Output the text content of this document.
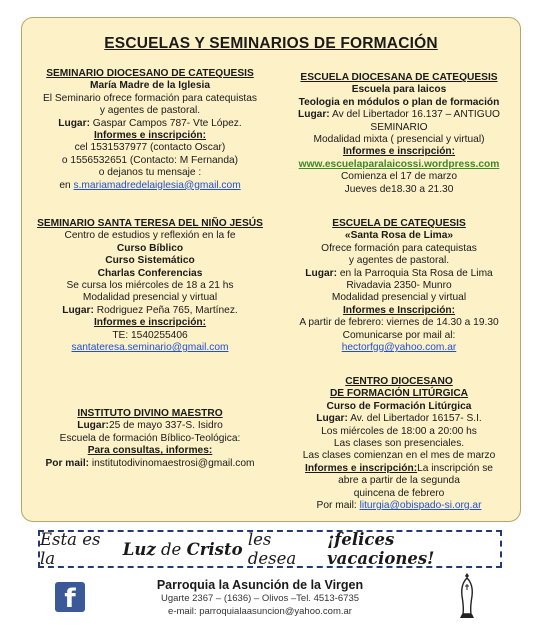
ESCUELAS Y SEMINARIOS DE FORMACIÓN
SEMINARIO DIOCESANO DE CATEQUESIS
María Madre de la Iglesia
El Seminario ofrece formación para catequistas
y agentes de pastoral.
Lugar: Gaspar Campos 787- Vte López.
Informes e inscripción:
cel 1531537977 (contacto Oscar)
o 1556532651 (Contacto: M Fernanda)
o dejanos tu mensaje :
en s.mariamadredelaiglesia@gmail.com
SEMINARIO SANTA TERESA DEL NIÑO JESÚS
Centro de estudios y reflexión en la fe
Curso Bíblico
Curso Sistemático
Charlas Conferencias
Se cursa los miércoles de 18 a 21 hs
Modalidad presencial y virtual
Lugar: Rodriguez Peña 765, Martínez.
Informes e inscripción:
TE: 1540255406
santateresa.seminario@gmail.com
INSTITUTO DIVINO MAESTRO
Lugar:25 de mayo 337-S. Isidro
Escuela de formación Bíblico-Teológica:
Para consultas, informes:
Por mail: institutodivinomaestrosi@gmail.com
ESCUELA DIOCESANA DE CATEQUESIS
Escuela para laicos
Teologia en módulos o plan de formación
Lugar: Av del Libertador 16.137 – ANTIGUO
SEMINARIO
Modalidad mixta ( presencial y virtual)
Informes e inscripción:
www.escuelaparalaicossi.wordpress.com
Comienza el 17 de marzo
Jueves de18.30 a 21.30
ESCUELA DE CATEQUESIS
«Santa Rosa de Lima»
Ofrece formación para catequistas
y agentes de pastoral.
Lugar: en la Parroquia Sta Rosa de Lima
Rivadavia 2350- Munro
Modalidad presencial y virtual
Informes e Inscripción:
A partir de febrero: viernes de 14.30 a 19.30
Comunicarse por mail al:
hectorfgg@yahoo.com.ar
CENTRO DIOCESANO
DE FORMACIÓN LITÚRGICA
Curso de Formación Litúrgica
Lugar: Av. del Libertador 16157- S.I.
Los miércoles de 18:00 a 20:00 hs
Las clases son presenciales.
Las clases comienzan en el mes de marzo
Informes e inscripción:La inscripción se
abre a partir de la segunda
quincena de febrero
Por mail: liturgia@obispado-si.org.ar
Esta es la
	Luz
de
Cristo
les desea

¡felices vacaciones!
f	Parroquia la Asunción de la Virgen
Ugarte 2367 – (1636) – Olivos –Tel. 4513-6735
e-mail: parroquialaasuncion@yahoo.com.ar
